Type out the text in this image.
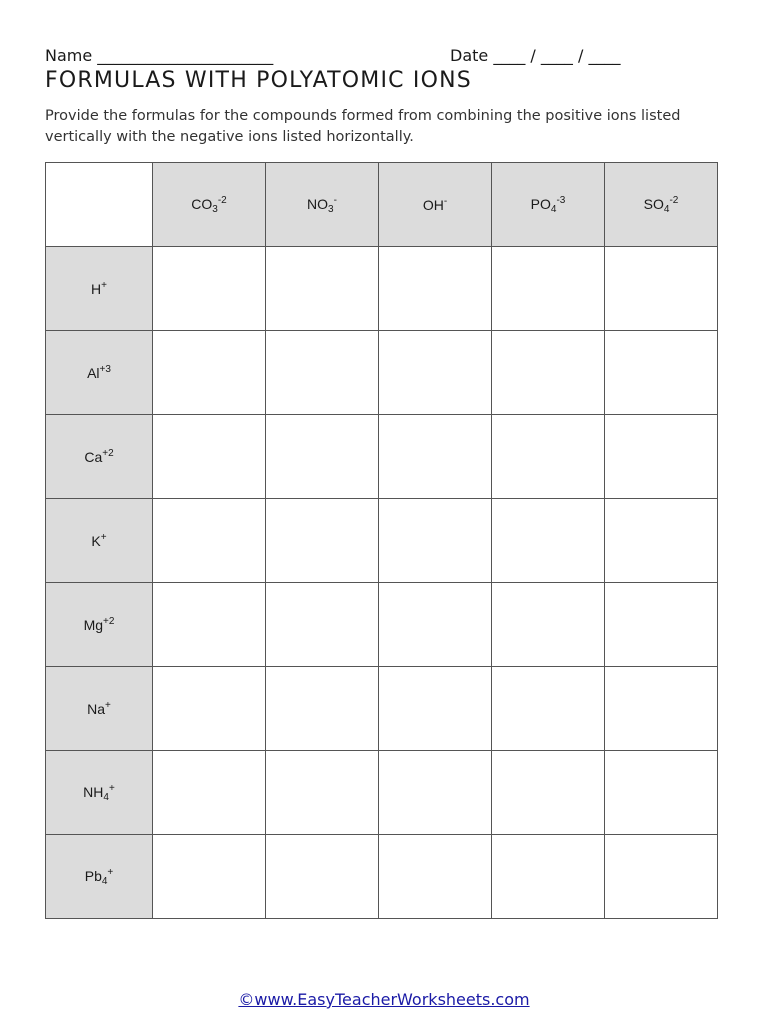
Name ______________________	Date ____ / ____ / ____
FORMULAS WITH POLYATOMIC IONS
Provide the formulas for the compounds formed from combining the positive ions listed vertically with the negative ions listed horizontally.
	$CO_3^{-2}$	$NO_3^-$	OH-	$PO_4^{-3}$	$SO_4^{-2}$
H+					
$Al^{+3}$					
$Ca^{+2}$					
K+					
$Mg^{+2}$					
Na+					
$NH_4^+$					
$Pb_4^+$					
©www.EasyTeacherWorksheets.com
